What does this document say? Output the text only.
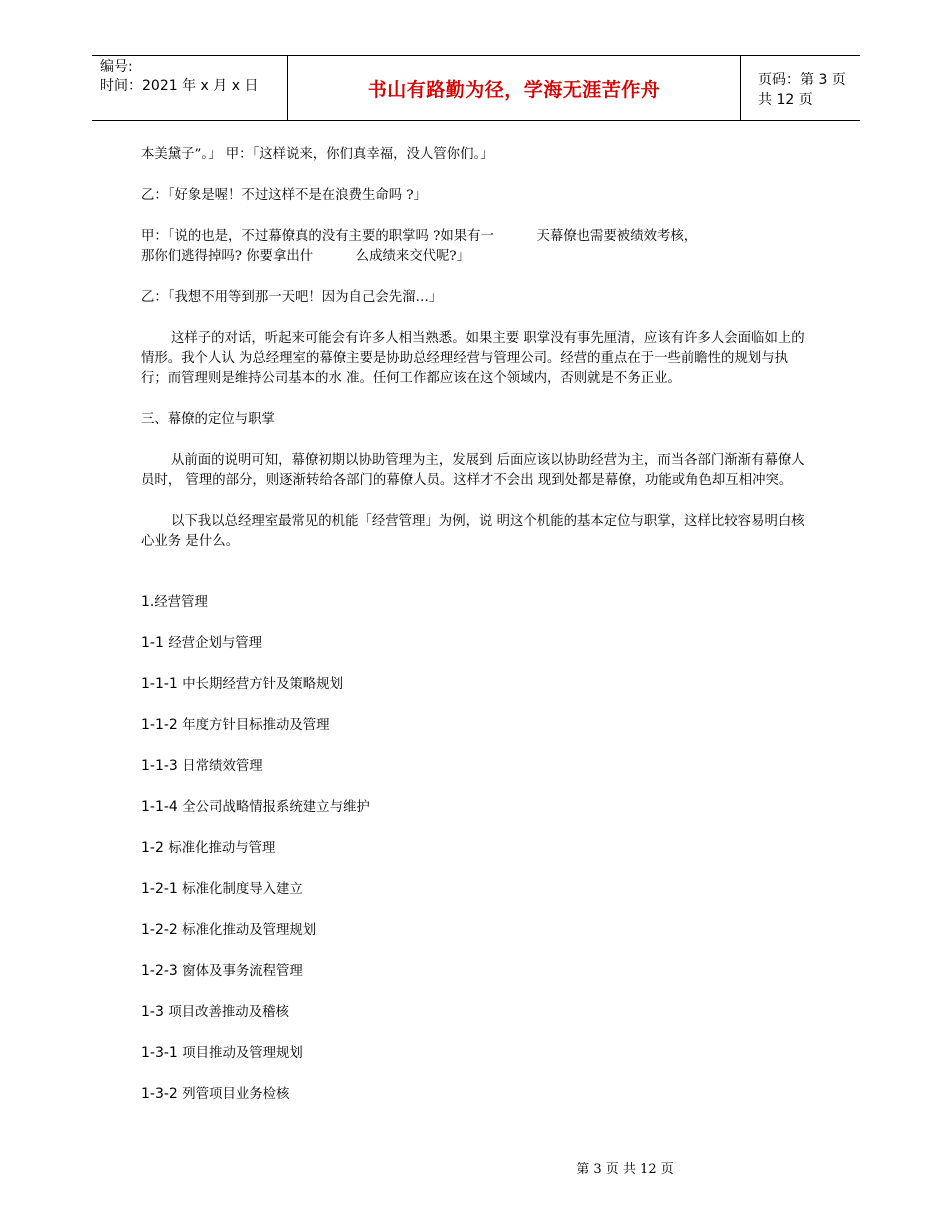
编号:
时间：2021 年 x 月 x 日	书山有路勤为径，学海无涯苦作舟	页码：第 3 页 共 12 页

本美黛子”。」 甲：「这样说来，你们真幸福，没人管你们。」

乙：「好象是喔！不过这样不是在浪费生命吗 ?」

甲：「说的也是，不过幕僚真的没有主要的职掌吗 ?如果有一          天幕僚也需要被绩效考核，
那你们逃得掉吗? 你要拿出什          么成绩来交代呢?」

乙：「我想不用等到那一天吧！因为自己会先溜…」

这样子的对话，听起来可能会有许多人相当熟悉。如果主要 职掌没有事先厘清，应该有许多人会面临如上的情形。我个人认 为总经理室的幕僚主要是协助总经理经营与管理公司。经营的重点在于一些前瞻性的规划与执行；而管理则是维持公司基本的水 准。任何工作都应该在这个领域内，否则就是不务正业。

三、幕僚的定位与职掌

从前面的说明可知，幕僚初期以协助管理为主，发展到 后面应该以协助经营为主，而当各部门渐渐有幕僚人员时， 管理的部分，则逐渐转给各部门的幕僚人员。这样才不会出 现到处都是幕僚，功能或角色却互相冲突。

以下我以总经理室最常见的机能「经营管理」为例，说 明这个机能的基本定位与职掌，这样比较容易明白核心业务 是什么。

1.经营管理
1-1 经营企划与管理
1-1-1 中长期经营方针及策略规划
1-1-2 年度方针目标推动及管理
1-1-3 日常绩效管理
1-1-4 全公司战略情报系统建立与维护
1-2 标准化推动与管理
1-2-1 标准化制度导入建立
1-2-2 标准化推动及管理规划
1-2-3 窗体及事务流程管理
1-3 项目改善推动及稽核
1-3-1 项目推动及管理规划
1-3-2 列管项目业务检核
第 3 页 共 12 页
